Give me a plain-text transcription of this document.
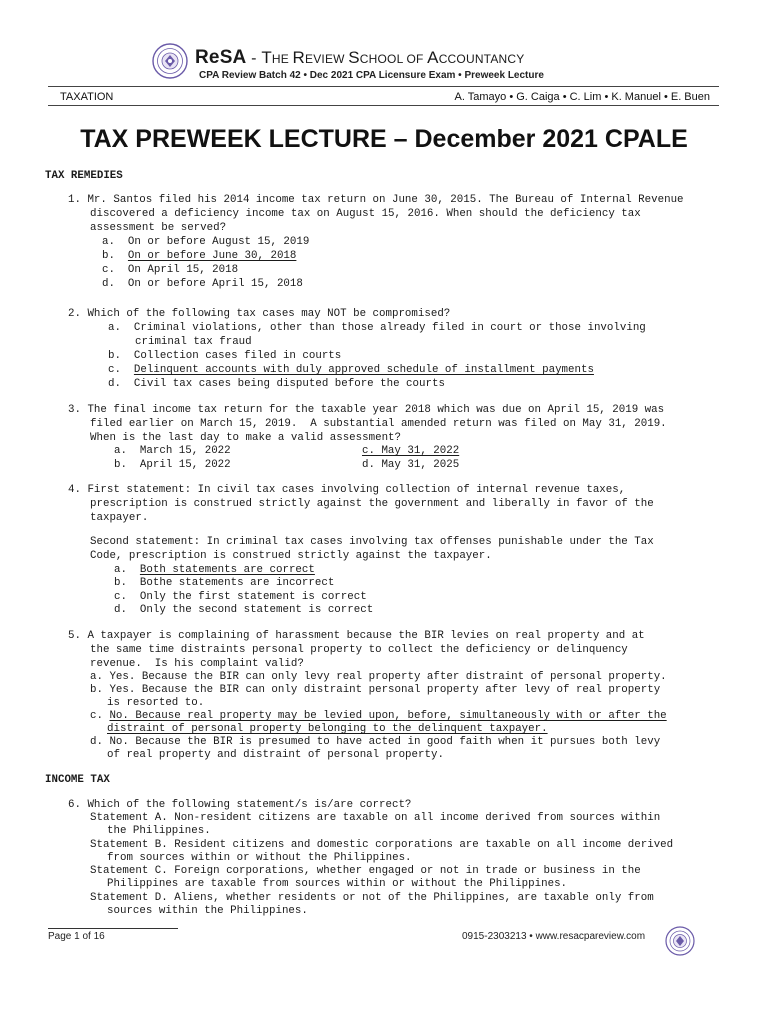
ReSA - THE REVIEW SCHOOL OF ACCOUNTANCY
CPA Review Batch 42 • Dec 2021 CPA Licensure Exam • Preweek Lecture
TAXATION	A. Tamayo • G. Caiga • C. Lim • K. Manuel • E. Buen
TAX PREWEEK LECTURE – December 2021 CPALE
TAX REMEDIES
1. Mr. Santos filed his 2014 income tax return on June 30, 2015. The Bureau of Internal Revenue
discovered a deficiency income tax on August 15, 2016. When should the deficiency tax
assessment be served?
a.  On or before August 15, 2019
b.  On or before June 30, 2018
c.  On April 15, 2018
d.  On or before April 15, 2018
2. Which of the following tax cases may NOT be compromised?
a.  Criminal violations, other than those already filed in court or those involving
criminal tax fraud
b.  Collection cases filed in courts
c.  Delinquent accounts with duly approved schedule of installment payments
d.  Civil tax cases being disputed before the courts
3. The final income tax return for the taxable year 2018 which was due on April 15, 2019 was
filed earlier on March 15, 2019.  A substantial amended return was filed on May 31, 2019.
When is the last day to make a valid assessment?
a.  March 15, 2022	c. May 31, 2022
b.  April 15, 2022	d. May 31, 2025
4. First statement: In civil tax cases involving collection of internal revenue taxes,
prescription is construed strictly against the government and liberally in favor of the
taxpayer.
Second statement: In criminal tax cases involving tax offenses punishable under the Tax
Code, prescription is construed strictly against the taxpayer.
a.  Both statements are correct
b.  Bothe statements are incorrect
c.  Only the first statement is correct
d.  Only the second statement is correct
5. A taxpayer is complaining of harassment because the BIR levies on real property and at
the same time distraints personal property to collect the deficiency or delinquency
revenue.  Is his complaint valid?
a. Yes. Because the BIR can only levy real property after distraint of personal property.
b. Yes. Because the BIR can only distraint personal property after levy of real property
is resorted to.
c. No. Because real property may be levied upon, before, simultaneously with or after the
distraint of personal property belonging to the delinquent taxpayer.
d. No. Because the BIR is presumed to have acted in good faith when it pursues both levy
of real property and distraint of personal property.
INCOME TAX
6. Which of the following statement/s is/are correct?
Statement A. Non-resident citizens are taxable on all income derived from sources within
the Philippines.
Statement B. Resident citizens and domestic corporations are taxable on all income derived
from sources within or without the Philippines.
Statement C. Foreign corporations, whether engaged or not in trade or business in the
Philippines are taxable from sources within or without the Philippines.
Statement D. Aliens, whether residents or not of the Philippines, are taxable only from
sources within the Philippines.
Page 1 of 16	0915-2303213 • www.resacpareview.com
